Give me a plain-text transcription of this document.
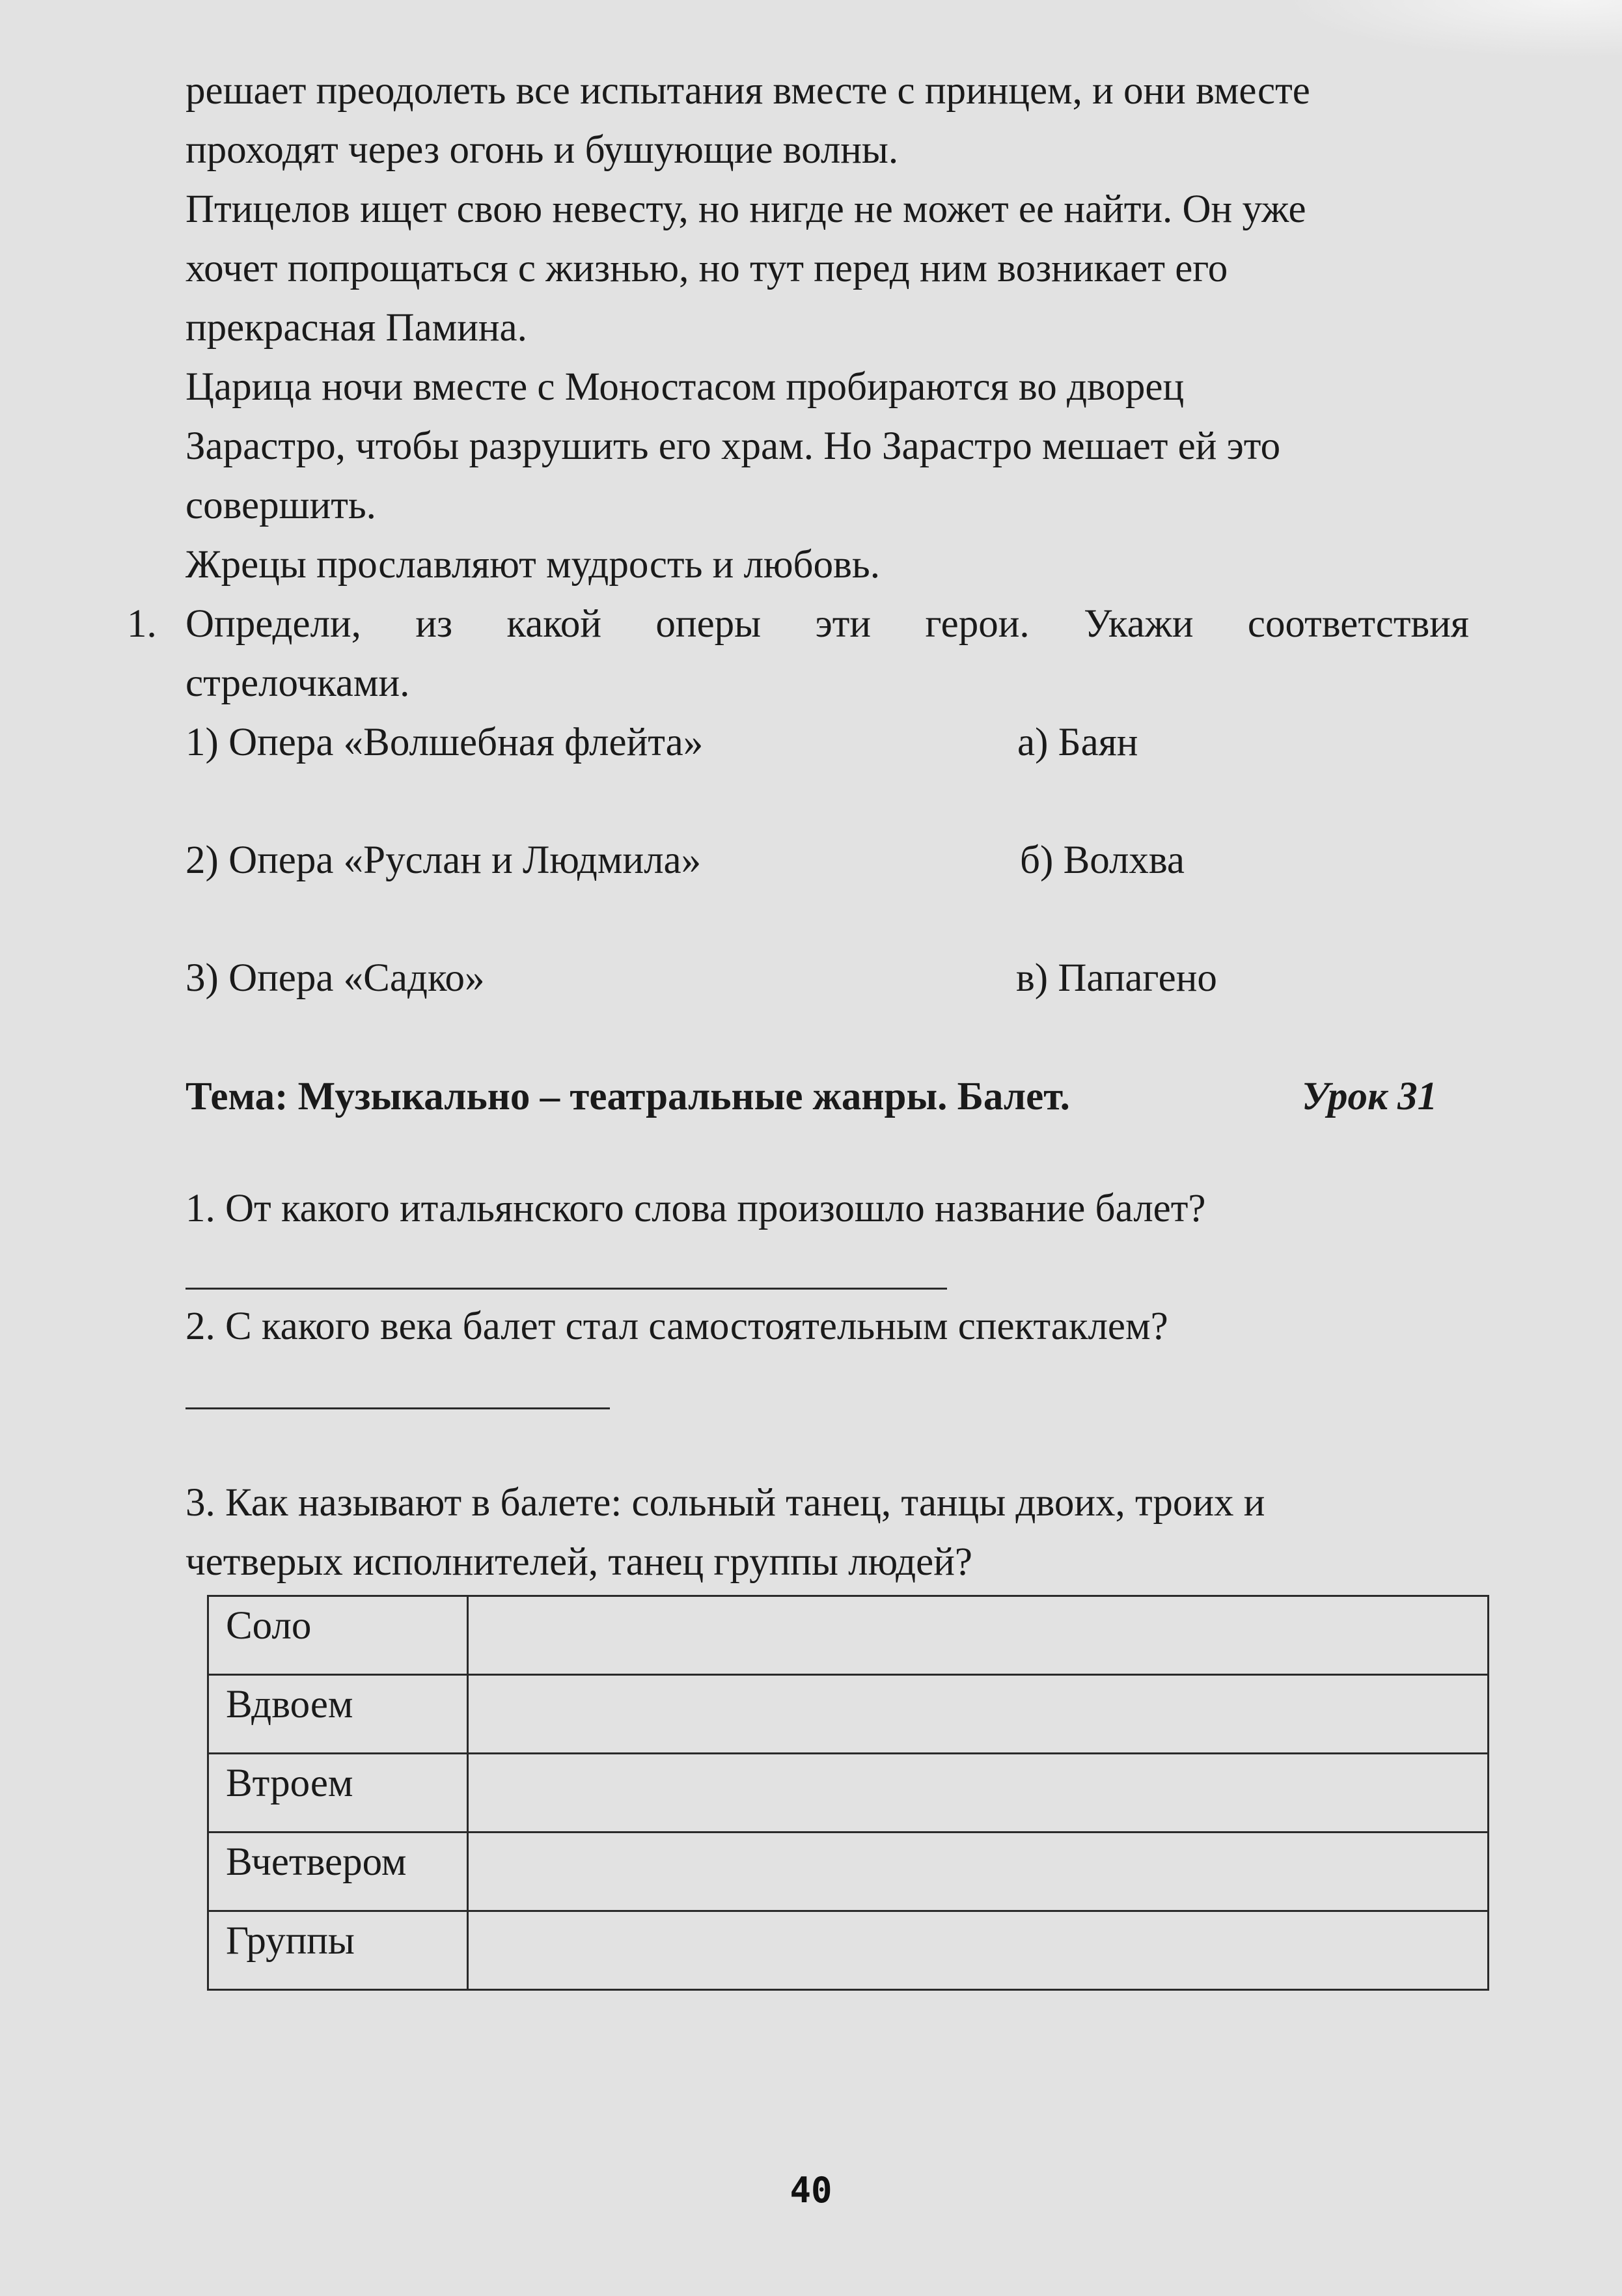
решает преодолеть все испытания вместе с принцем, и они вместе

проходят через огонь и бушующие волны.

Птицелов ищет свою невесту, но нигде не может ее найти. Он уже

хочет попрощаться с жизнью, но тут перед ним возникает его

прекрасная Памина.

Царица ночи вместе с Моностасом пробираются во дворец

Зарастро, чтобы разрушить его храм. Но Зарастро мешает ей это

совершить.

Жрецы прославляют мудрость и любовь.

1. Определи, из какой оперы эти герои. Укажи соответствия

стрелочками.

1) Опера «Волшебная флейта»	а) Баян

2) Опера «Руслан и Людмила»	б) Волхва

3) Опера «Садко»	в) Папагено
Тема: Музыкально – театральные жанры. Балет.	Урок 31

1. От какого итальянского слова произошло название балет?

2. С какого века балет стал самостоятельным спектаклем?

3. Как называют в балете: сольный танец, танцы двоих, троих и

четверых исполнителей, танец группы людей?

Соло	
Вдвоем	
Втроем	
Вчетвером	
Группы	
40
